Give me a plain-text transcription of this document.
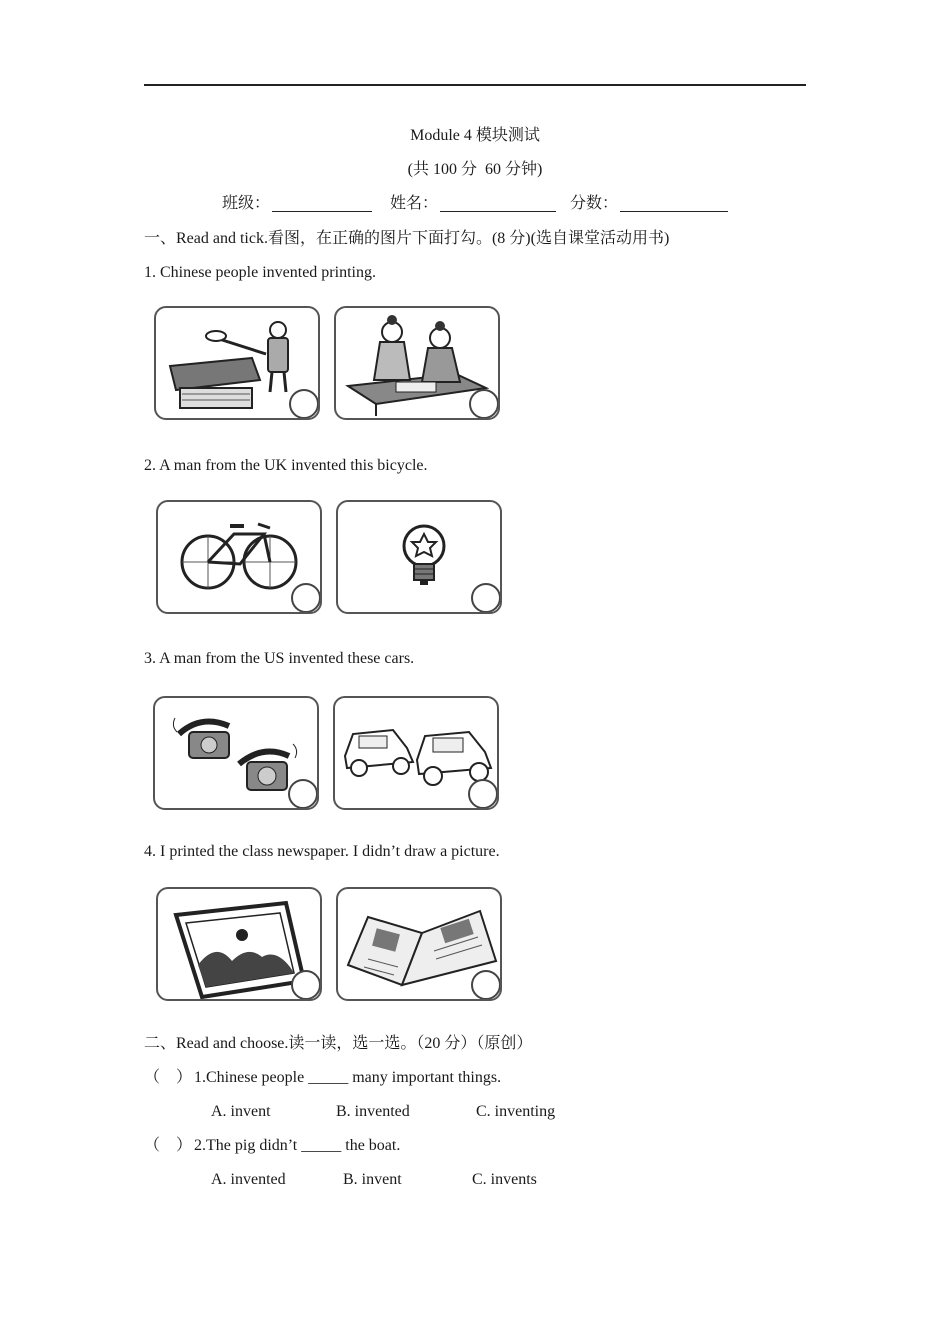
Module 4 模块测试
(共 100 分  60 分钟)
班级：	姓名：	分数：
一、Read and tick.看图，在正确的图片下面打勾。(8 分)(选自课堂活动用书)
1. Chinese people invented printing.
2. A man from the UK invented this bicycle.
3. A man from the US invented these cars.
4. I printed the class newspaper. I didn’t draw a picture.
二、Read and choose.读一读，选一选。（20 分）（原创）
（    ） 1.Chinese people _____ many important things.
A. invent	B. invented	C. inventing
（    ） 2.The pig didn’t _____ the boat.
A. invented	B. invent	C. invents
